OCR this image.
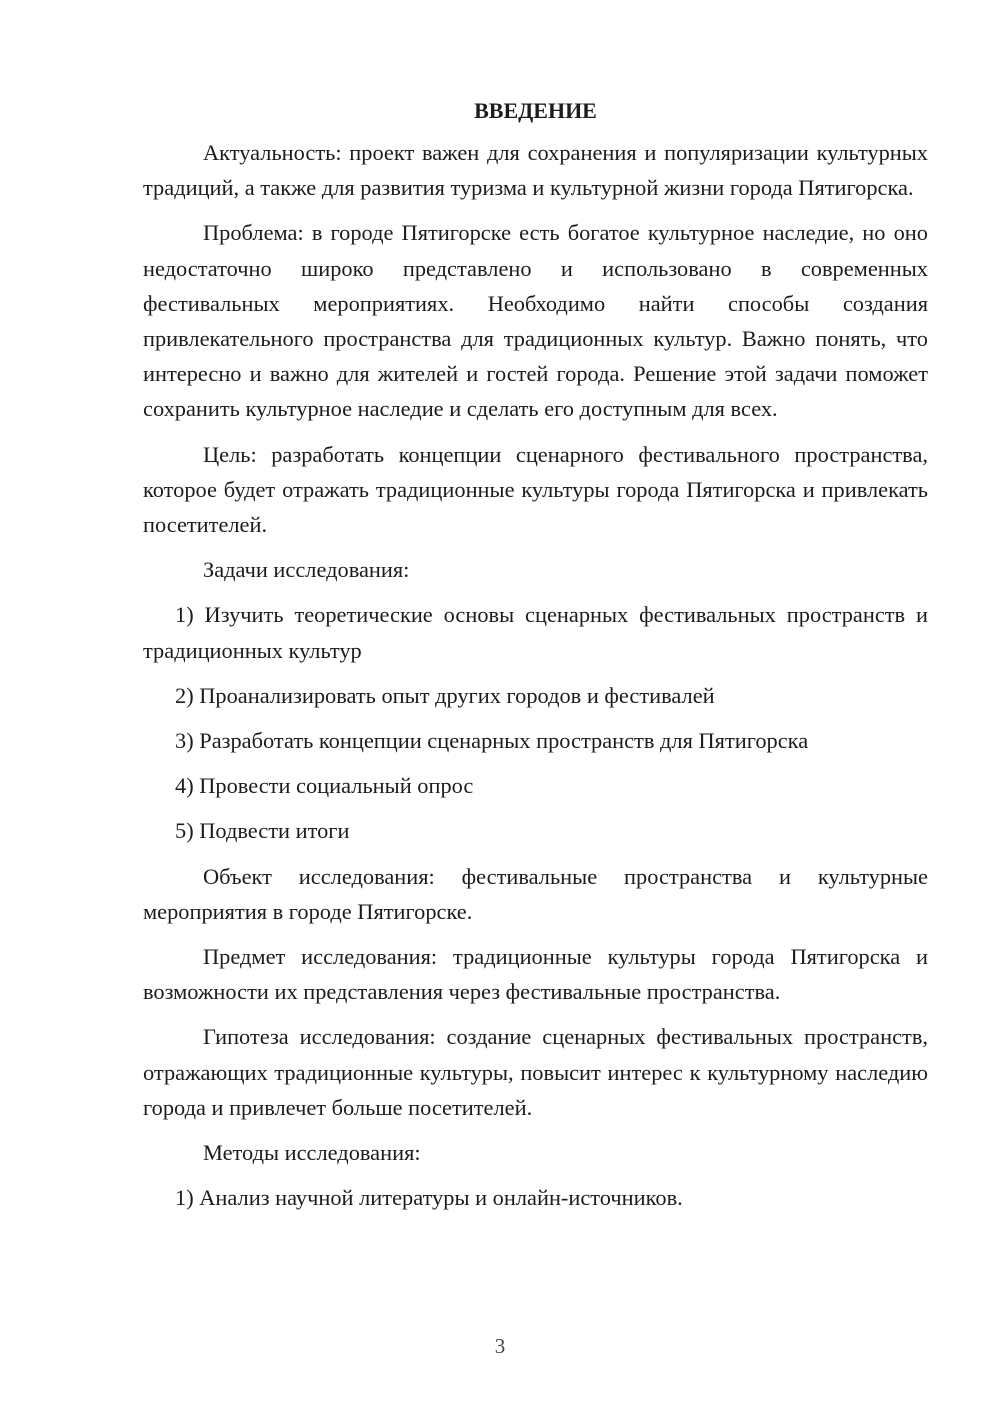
ВВЕДЕНИЕ

Актуальность: проект важен для сохранения и популяризации культурных традиций, а также для развития туризма и культурной жизни города Пятигорска.

Проблема: в городе Пятигорске есть богатое культурное наследие, но оно недостаточно широко представлено и использовано в современных фестивальных мероприятиях. Необходимо найти способы создания привлекательного пространства для традиционных культур. Важно понять, что интересно и важно для жителей и гостей города. Решение этой задачи поможет сохранить культурное наследие и сделать его доступным для всех.

Цель: разработать концепции сценарного фестивального пространства, которое будет отражать традиционные культуры города Пятигорска и привлекать посетителей.

Задачи исследования:

1) Изучить теоретические основы сценарных фестивальных пространств и традиционных культур

2) Проанализировать опыт других городов и фестивалей
3) Разработать концепции сценарных пространств для Пятигорска
4) Провести социальный опрос
5) Подвести итоги

Объект исследования: фестивальные пространства и культурные мероприятия в городе Пятигорске.

Предмет исследования: традиционные культуры города Пятигорска и возможности их представления через фестивальные пространства.

Гипотеза исследования: создание сценарных фестивальных пространств, отражающих традиционные культуры, повысит интерес к культурному наследию города и привлечет больше посетителей.

Методы исследования:

1) Анализ научной литературы и онлайн-источников.
3
